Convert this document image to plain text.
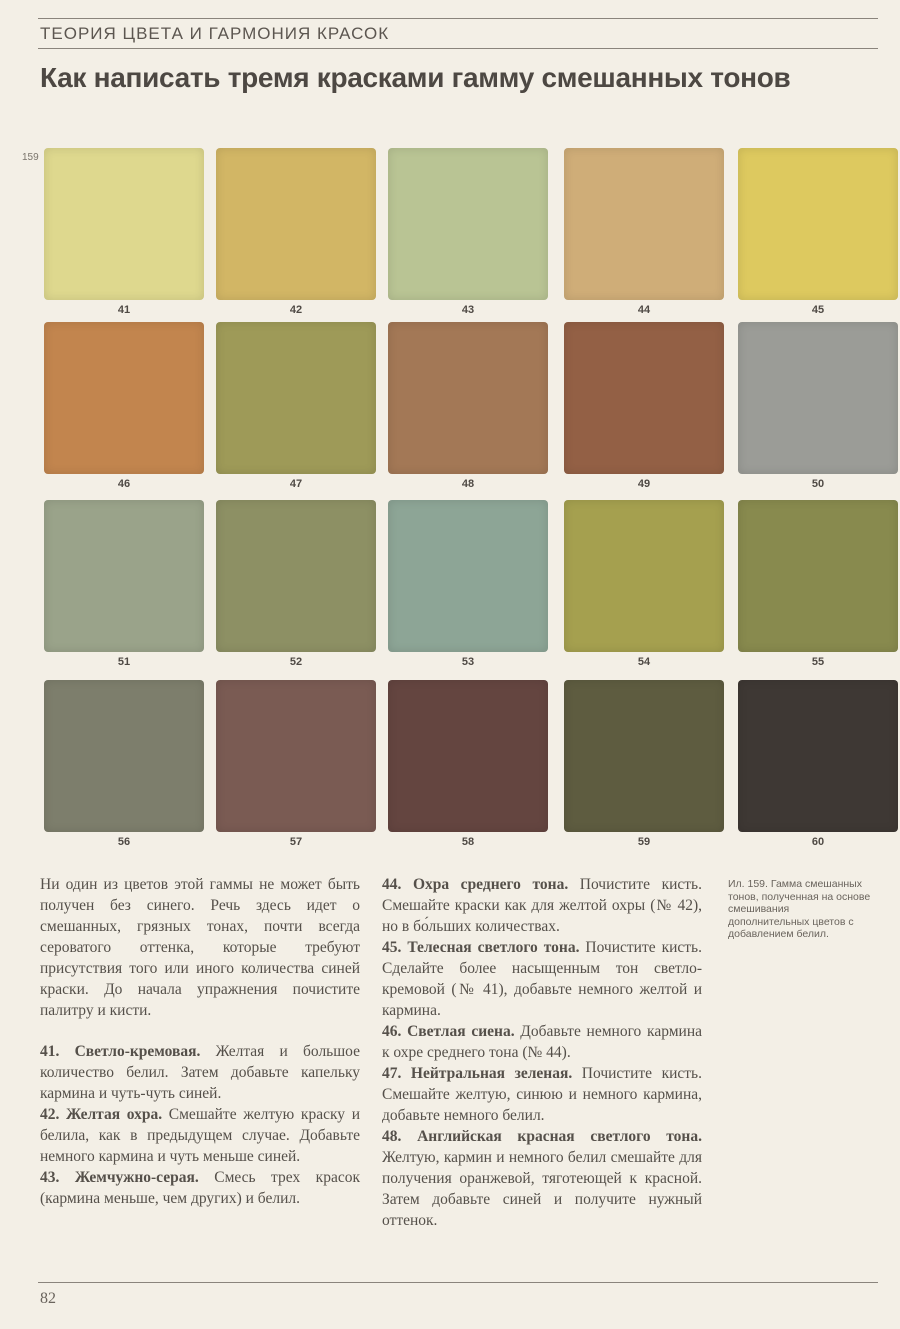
ТЕОРИЯ ЦВЕТА И ГАРМОНИЯ КРАСОК
Как написать тремя красками гамму смешанных тонов
159
41	42	43	44	45
46	47	48	49	50
51	52	53	54	55
56	57	58	59	60

Ни один из цветов этой гаммы не может быть получен без синего. Речь здесь идет о смешанных, грязных тонах, почти всегда сероватого оттенка, которые требуют присутствия того или иного количества синей краски. До начала упражнения почистите палитру и кисти.

41. Светло-кремовая. Желтая и большое количество белил. Затем добавьте капельку кармина и чуть-чуть синей.

42. Желтая охра. Смешайте желтую краску и белила, как в предыдущем случае. Добавьте немного кармина и чуть меньше синей.

43. Жемчужно-серая. Смесь трех красок (кармина меньше, чем других) и белил.

44. Охра среднего тона. Почистите кисть. Смешайте краски как для желтой охры (№ 42), но в бо́льших количествах.

45. Телесная светлого тона. Почистите кисть. Сделайте более насыщенным тон светло-кремовой (№ 41), добавьте немного желтой и кармина.

46. Светлая сиена. Добавьте немного кармина к охре среднего тона (№ 44).

47. Нейтральная зеленая. Почистите кисть. Смешайте желтую, синюю и немного кармина, добавьте немного белил.

48. Английская красная светлого тона. Желтую, кармин и немного белил смешайте для получения оранжевой, тяготеющей к красной. Затем добавьте синей и получите нужный оттенок.

Ил. 159. Гамма смешанных тонов, полученная на основе смешивания дополнительных цветов с добавлением белил.
82
